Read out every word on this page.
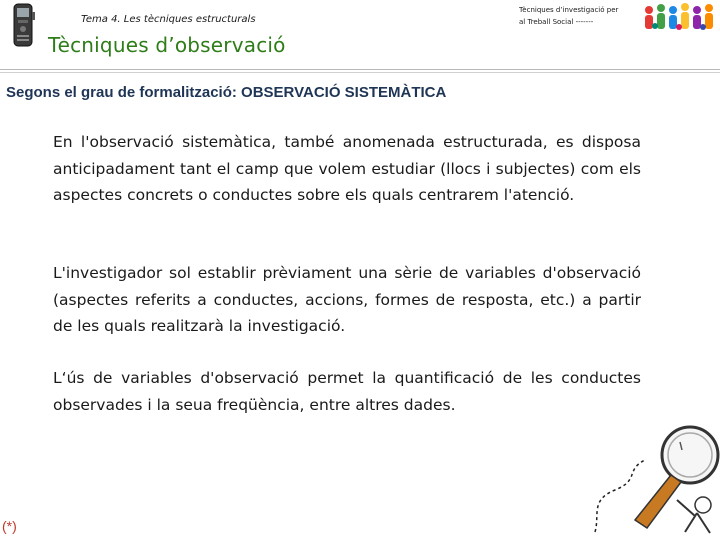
Tema 4. Les tècniques estructurals
Tècniques d’investigació per
al Treball Social -------
Tècniques d’observació
Segons el grau de formalització: OBSERVACIÓ SISTEMÀTICA

En l'observació sistemàtica, també anomenada estructurada, es disposa anticipadament tant el camp que volem estudiar (llocs i subjectes) com els aspectes concrets o conductes sobre els quals centrarem l'atenció.

L'investigador sol establir prèviament una sèrie de variables d'observació (aspectes referits a conductes, accions, formes de resposta, etc.) a partir de les quals realitzarà la investigació.

L‘ús de variables d'observació permet la quantificació de les conductes observades i la seua freqüència, entre altres dades.

(*)
